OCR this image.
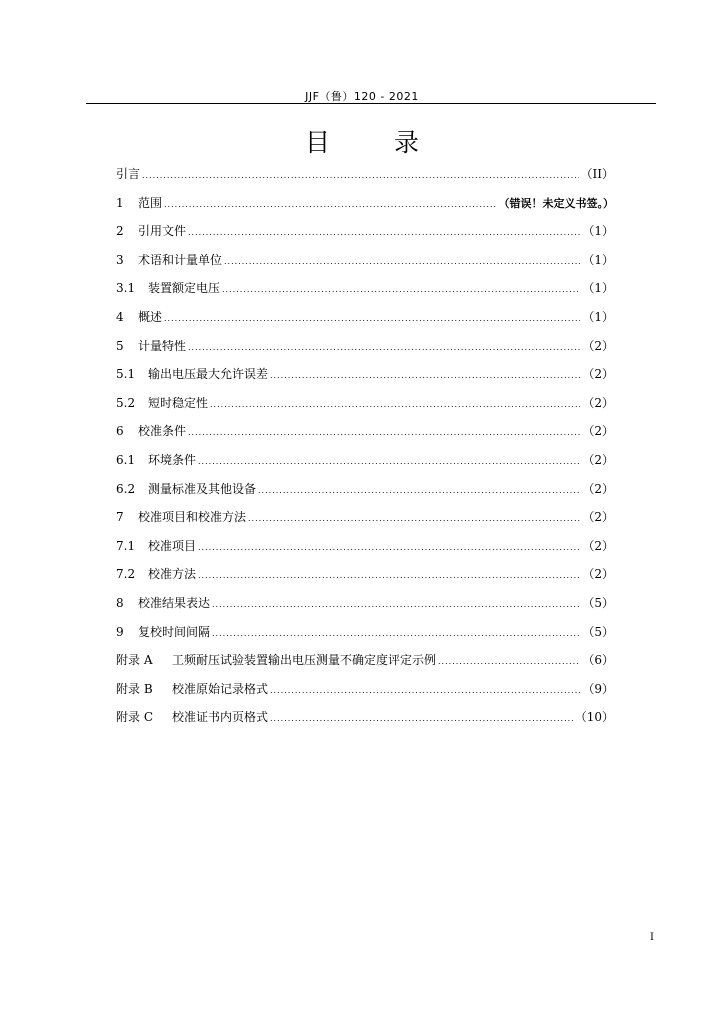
JJF（鲁）120 - 2021
目 录
引言 .....	（II）
1	范围 .....	（错误！未定义书签。）
2	引用文件 .....	（1）
3	术语和计量单位 .....	（1）
3.1	装置额定电压 .....	（1）
4	概述 .....	（1）
5	计量特性 .....	（2）
5.1	输出电压最大允许误差 .....	（2）
5.2	短时稳定性 .....	（2）
6	校准条件 .....	（2）
6.1	环境条件 .....	（2）
6.2	测量标准及其他设备 .....	（2）
7	校准项目和校准方法 .....	（2）
7.1	校准项目 .....	（2）
7.2	校准方法 .....	（2）
8	校准结果表达 .....	（5）
9	复校时间间隔 .....	（5）
附录 A	工频耐压试验装置输出电压测量不确定度评定示例 .....	（6）
附录 B	校准原始记录格式 .....	（9）
附录 C	校准证书内页格式 .....	（10）
I
